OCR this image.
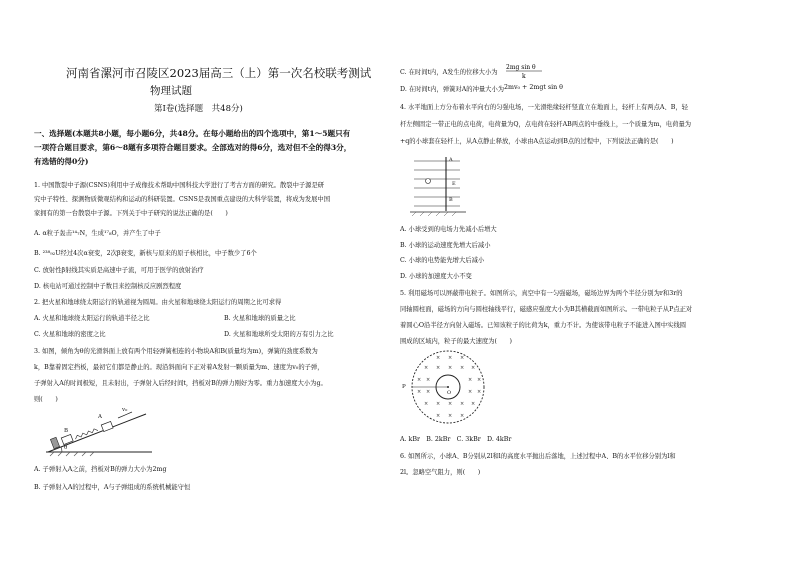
河南省漯河市召陵区2023届高三（上）第一次名校联考测试
物理试题
第Ⅰ卷(选择题　共48分)
一、选择题(本题共8小题，每小题6分，共48分。在每小题给出的四个选项中，第1～5题只有
一项符合题目要求，第6～8题有多项符合题目要求。全部选对的得6分，选对但不全的得3分，
有选错的得0分)
1. 中国散裂中子源(CSNS)利用中子成像技术帮助中国科技大学进行了考古方面的研究。散裂中子源是研
究中子特性、探测物质微观结构和运动的科研装置。CSNS是我国重点建设的大科学装置，将成为发展中国
家拥有的第一台散裂中子源。下列关于中子研究的说法正确的是(　　)
A. α粒子轰击¹⁴₇N，生成¹⁷₈O，并产生了中子
B. ²³⁸₉₂U经过4次α衰变，2次β衰变，新核与原来的原子核相比，中子数少了6个
C. 放射性β射线其实质是高速中子流，可用于医学的放射治疗
D. 核电站可通过控制中子数目来控制核反应剧烈程度
2. 把火星和地球绕太阳运行的轨道视为圆周。由火星和地球绕太阳运行的周期之比可求得
A. 火星和地球绕太阳运行的轨道半径之比	B. 火星和地球的质量之比
C. 火星和地球的密度之比	D. 火星和地球所受太阳的万有引力之比
3. 如图，倾角为θ的光滑斜面上放有两个用轻弹簧相连的小物块A和B(质量均为m)，弹簧的劲度系数为
k，B靠着固定挡板，最初它们都是静止的。现沿斜面向下正对着A发射一颗质量为m、速度为v₀的子弹，
子弹射入A的时间极短，且未射出，子弹射入后经时间t，挡板对B的弹力刚好为零。重力加速度大小为g。
则(　　)
B
A
θ
v₀
A. 子弹射入A之前，挡板对B的弹力大小为2mg
B. 子弹射入A的过程中，A与子弹组成的系统机械能守恒
C. 在时间t内，A发生的位移大小为
2mg sin θ
k
D. 在时间t内，弹簧对A的冲量大小为 2mv₀ + 2mgt sin θ
4. 水平地面上方分布着水平向右的匀强电场，一光滑绝缘轻杆竖直立在地面上，轻杆上有两点A、B，轻
杆左侧固定一带正电的点电荷，电荷量为Q，点电荷在轻杆AB两点的中垂线上，一个质量为m，电荷量为
+q的小球套在轻杆上，从A点静止释放，小球由A点运动到B点的过程中，下列说法正确的是(　　)
A
B
E
A. 小球受到的电场力先减小后增大
B. 小球的运动速度先增大后减小
C. 小球的电势能先增大后减小
D. 小球的加速度大小不变
5. 利用磁场可以屏蔽带电粒子。如图所示，真空中有一匀强磁场，磁场边界为两个半径分别为r和3r的
同轴圆柱面，磁场的方向与圆柱轴线平行，磁感应强度大小为B其横截面如图所示。一带电粒子从P点正对
着圆心O沿半径方向射入磁场。已知该粒子的比荷为k，重力不计。为使该带电粒子不能进入图中实线圆
围成的区域内，粒子的最大速度为(　　)
× × ×
× × × × ×
× ×	× ×
× ×	× ×
× × × × ×
× × ×
P
O
A. kBr　B. 2kBr　C. 3kBr　D. 4kBr
6. 如图所示，小球A、B分别从2l和l的高度水平抛出后落地，上述过程中A、B的水平位移分别为l和
2l。忽略空气阻力，则(　　)
